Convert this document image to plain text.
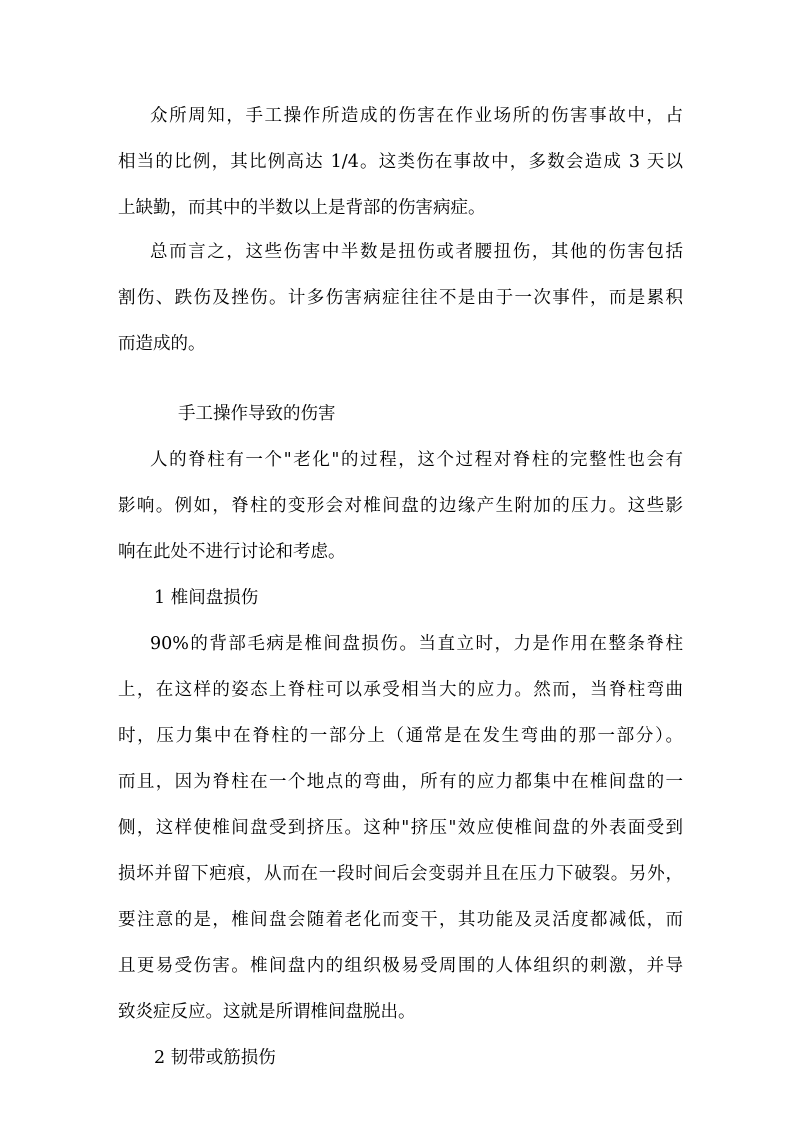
众所周知，手工操作所造成的伤害在作业场所的伤害事故中，占
相当的比例，其比例高达 1/4。这类伤在事故中，多数会造成 3 天以
上缺勤，而其中的半数以上是背部的伤害病症。
总而言之，这些伤害中半数是扭伤或者腰扭伤，其他的伤害包括
割伤、跌伤及挫伤。计多伤害病症往往不是由于一次事件，而是累积
而造成的。
手工操作导致的伤害
人的脊柱有一个"老化"的过程，这个过程对脊柱的完整性也会有
影响。例如，脊柱的变形会对椎间盘的边缘产生附加的压力。这些影
响在此处不进行讨论和考虑。
1 椎间盘损伤
90%的背部毛病是椎间盘损伤。当直立时，力是作用在整条脊柱
上，在这样的姿态上脊柱可以承受相当大的应力。然而，当脊柱弯曲
时，压力集中在脊柱的一部分上（通常是在发生弯曲的那一部分）。
而且，因为脊柱在一个地点的弯曲，所有的应力都集中在椎间盘的一
侧，这样使椎间盘受到挤压。这种"挤压"效应使椎间盘的外表面受到
损坏并留下疤痕，从而在一段时间后会变弱并且在压力下破裂。另外，
要注意的是，椎间盘会随着老化而变干，其功能及灵活度都减低，而
且更易受伤害。椎间盘内的组织极易受周围的人体组织的刺激，并导
致炎症反应。这就是所谓椎间盘脱出。
2 韧带或筋损伤
